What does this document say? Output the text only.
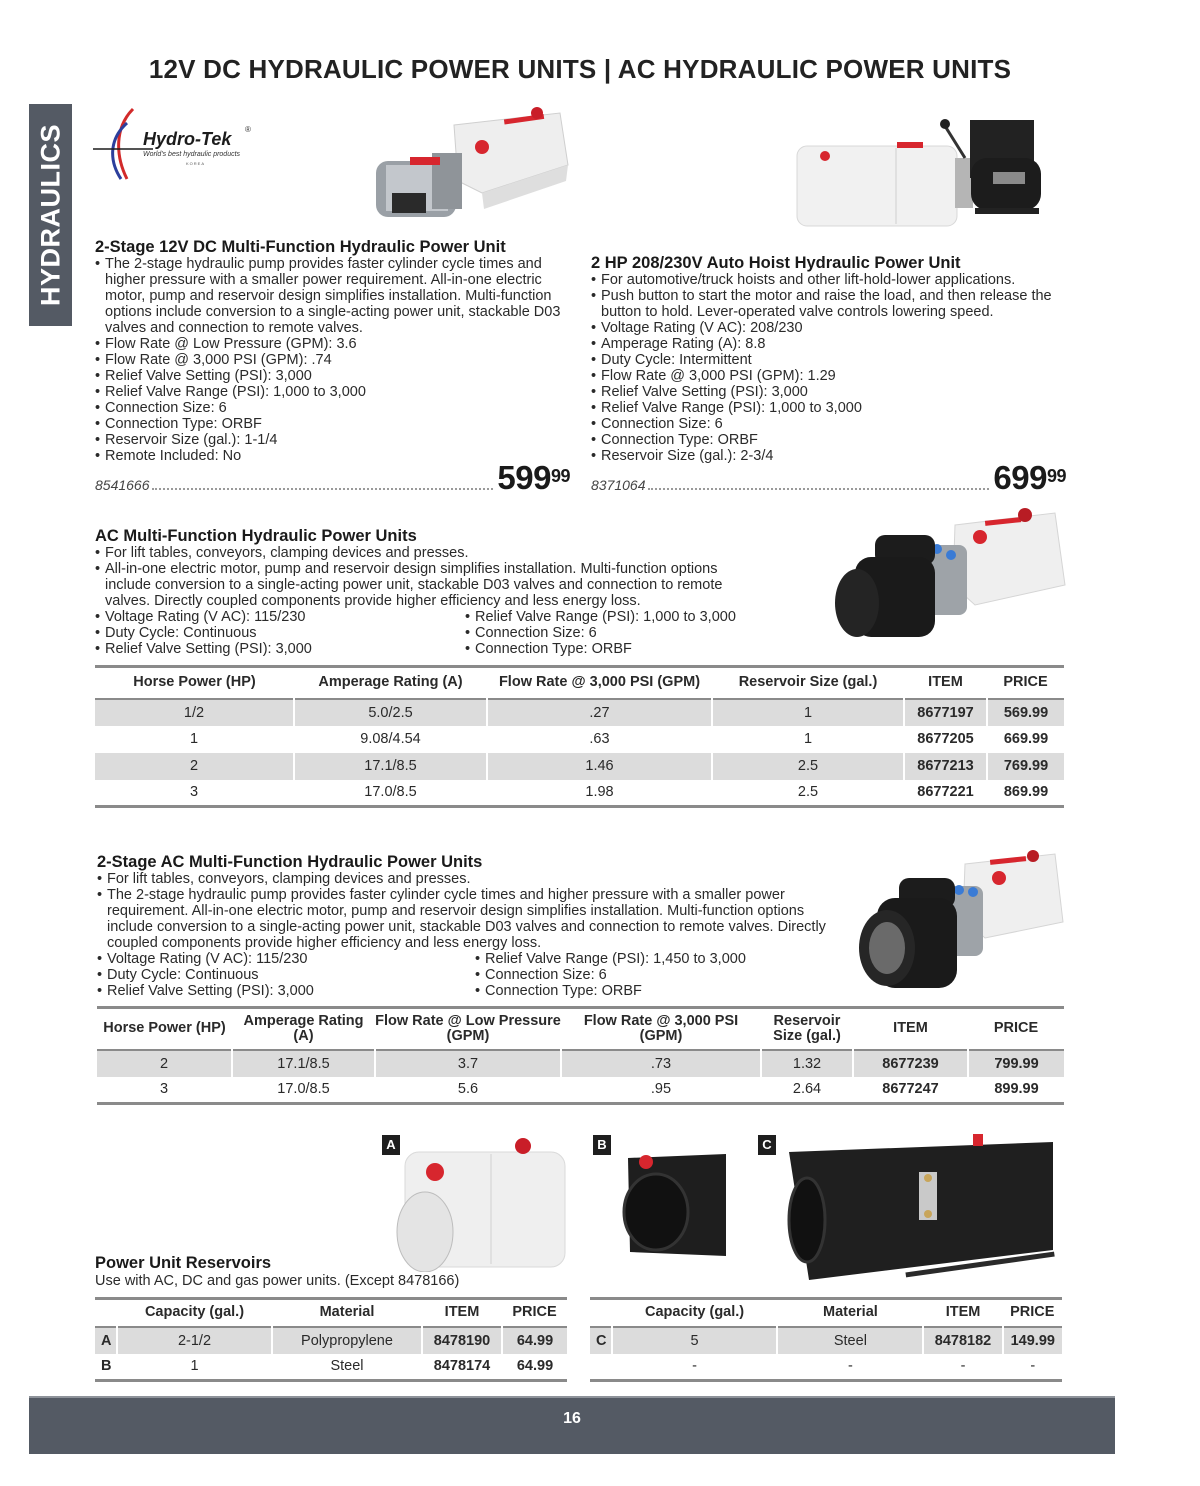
12V DC HYDRAULIC POWER UNITS | AC HYDRAULIC POWER UNITS
HYDRAULICS	Hydro-Tek ®
World's best hydraulic products
KOREA
2-Stage 12V DC Multi-Function Hydraulic Power Unit
• The 2-stage hydraulic pump provides faster cylinder cycle times and higher pressure with a smaller power requirement. All-in-one electric motor, pump and reservoir design simplifies installation. Multi-function options include conversion to a single-acting power unit, stackable D03 valves and connection to remote valves.
• Flow Rate @ Low Pressure (GPM): 3.6
• Flow Rate @ 3,000 PSI (GPM): .74
• Relief Valve Setting (PSI): 3,000
• Relief Valve Range (PSI): 1,000 to 3,000
• Connection Size: 6
• Connection Type: ORBF
• Reservoir Size (gal.): 1-1/4
• Remote Included: No
8541666	$599^{99}$
2 HP 208/230V Auto Hoist Hydraulic Power Unit
• For automotive/truck hoists and other lift-hold-lower applications.
• Push button to start the motor and raise the load, and then release the button to hold. Lever-operated valve controls lowering speed.
• Voltage Rating (V AC): 208/230
• Amperage Rating (A): 8.8
• Duty Cycle: Intermittent
• Flow Rate @ 3,000 PSI (GPM): 1.29
• Relief Valve Setting (PSI): 3,000
• Relief Valve Range (PSI): 1,000 to 3,000
• Connection Size: 6
• Connection Type: ORBF
• Reservoir Size (gal.): 2-3/4
8371064	$699^{99}$
AC Multi-Function Hydraulic Power Units
• For lift tables, conveyors, clamping devices and presses.
• All-in-one electric motor, pump and reservoir design simplifies installation. Multi-function options include conversion to a single-acting power unit, stackable D03 valves and connection to remote valves. Directly coupled components provide higher efficiency and less energy loss.
• Voltage Rating (V AC): 115/230
• Duty Cycle: Continuous
• Relief Valve Setting (PSI): 3,000
• Relief Valve Range (PSI): 1,000 to 3,000
• Connection Size: 6
• Connection Type: ORBF
Horse Power (HP)	Amperage Rating (A)	Flow Rate @ 3,000 PSI (GPM)	Reservoir Size (gal.)	ITEM	PRICE
1/2	5.0/2.5	.27	1	8677197	569.99
1	9.08/4.54	.63	1	8677205	669.99
2	17.1/8.5	1.46	2.5	8677213	769.99
3	17.0/8.5	1.98	2.5	8677221	869.99
2-Stage AC Multi-Function Hydraulic Power Units
• For lift tables, conveyors, clamping devices and presses.
• The 2-stage hydraulic pump provides faster cylinder cycle times and higher pressure with a smaller power requirement. All-in-one electric motor, pump and reservoir design simplifies installation. Multi-function options include conversion to a single-acting power unit, stackable D03 valves and connection to remote valves. Directly coupled components provide higher efficiency and less energy loss.
• Voltage Rating (V AC): 115/230
• Duty Cycle: Continuous
• Relief Valve Setting (PSI): 3,000
• Relief Valve Range (PSI): 1,450 to 3,000
• Connection Size: 6
• Connection Type: ORBF
Horse Power (HP)	Amperage Rating (A)	Flow Rate @ Low Pressure (GPM)	Flow Rate @ 3,000 PSI (GPM)	Reservoir Size (gal.)	ITEM	PRICE
2	17.1/8.5	3.7	.73	1.32	8677239	799.99
3	17.0/8.5	5.6	.95	2.64	8677247	899.99
A	B	C
Power Unit Reservoirs
Use with AC, DC and gas power units. (Except 8478166)
	Capacity (gal.)	Material	ITEM	PRICE
A	2-1/2	Polypropylene	8478190	64.99
B	1	Steel	8478174	64.99
	Capacity (gal.)	Material	ITEM	PRICE
C	5	Steel	8478182	149.99
	-	-	-	-
16
